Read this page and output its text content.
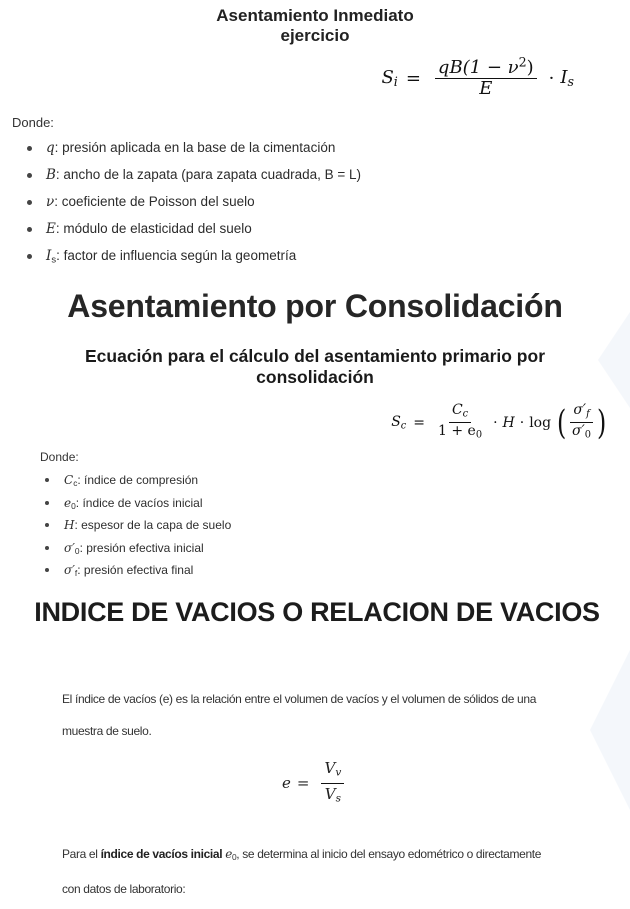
Asentamiento Inmediato
ejercicio
$S_i = \frac{qB(1 - \nu^2)}{E} \cdot I_s$
Donde:
q: presión aplicada en la base de la cimentación
B: ancho de la zapata (para zapata cuadrada, B = L)
ν: coeficiente de Poisson del suelo
E: módulo de elasticidad del suelo
$I_s$: factor de influencia según la geometría
Asentamiento por Consolidación
Ecuación para el cálculo del asentamiento primario por
consolidación
$S_c = \frac{C_c}{1 + e_0} \cdot H \cdot \log$ ( $\frac{\sigma'_f}{\sigma'_0}$ )
Donde:
$C_c$: índice de compresión
$e_0$: índice de vacíos inicial
H: espesor de la capa de suelo
$\sigma'_0$: presión efectiva inicial
$\sigma'_f$: presión efectiva final
INDICE DE VACIOS O RELACION DE VACIOS
El índice de vacíos (e) es la relación entre el volumen de vacíos y el volumen de sólidos de una muestra de suelo.
$e = \frac{V_v}{V_s}$
Para el índice de vacíos inicial $e_0$, se determina al inicio del ensayo edométrico o directamente con datos de laboratorio:
